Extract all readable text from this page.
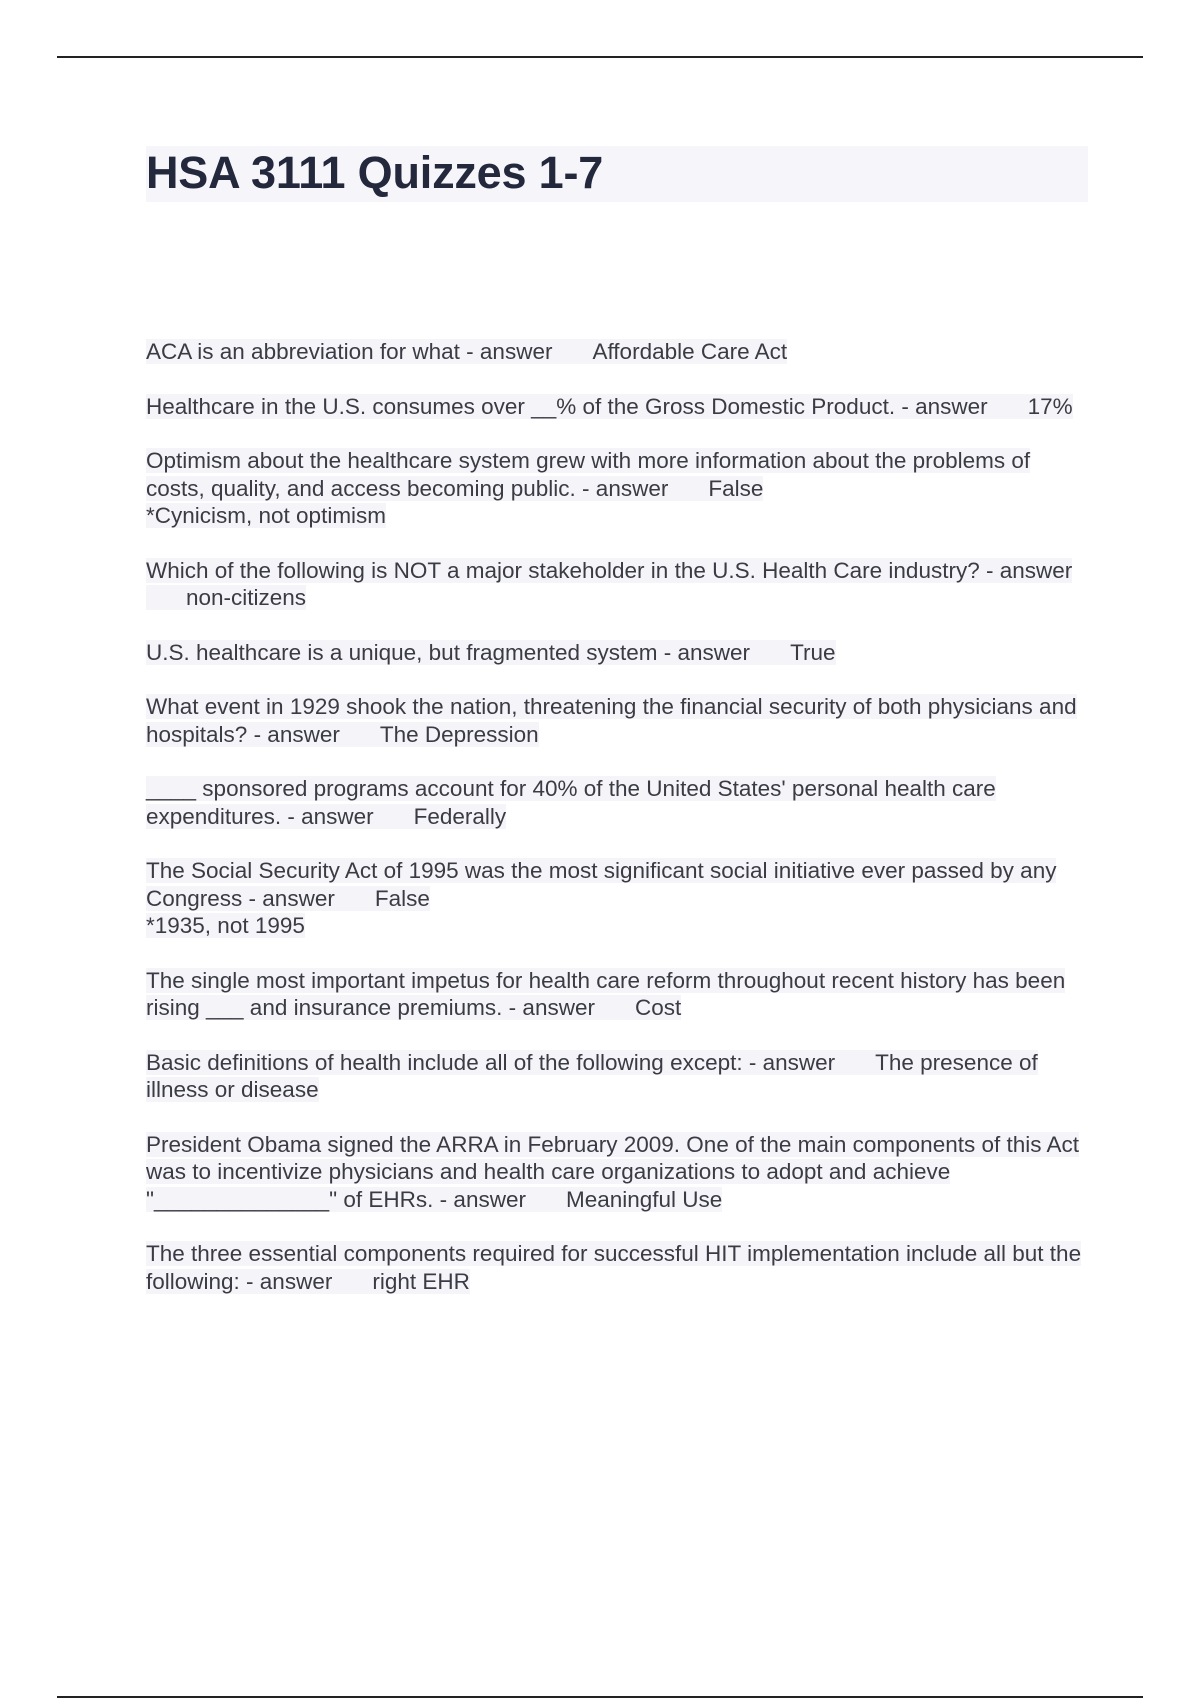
HSA 3111 Quizzes 1-7
ACA is an abbreviation for what - answer Affordable Care Act
Healthcare in the U.S. consumes over __% of the Gross Domestic Product. - answer 17%
Optimism about the healthcare system grew with more information about the problems of costs, quality, and access becoming public. - answer False
*Cynicism, not optimism
Which of the following is NOT a major stakeholder in the U.S. Health Care industry? - answernon-citizens
U.S. healthcare is a unique, but fragmented system - answer True
What event in 1929 shook the nation, threatening the financial security of both physicians and hospitals? - answer The Depression
____ sponsored programs account for 40% of the United States' personal health care expenditures. - answer Federally
The Social Security Act of 1995 was the most significant social initiative ever passed by any Congress - answer False
*1935, not 1995
The single most important impetus for health care reform throughout recent history has been rising ___ and insurance premiums. - answer Cost
Basic definitions of health include all of the following except: - answer The presence of illness or disease
President Obama signed the ARRA in February 2009. One of the main components of this Act was to incentivize physicians and health care organizations to adopt and achieve "______________" of EHRs. - answer Meaningful Use
The three essential components required for successful HIT implementation include all but the following: - answer right EHR
